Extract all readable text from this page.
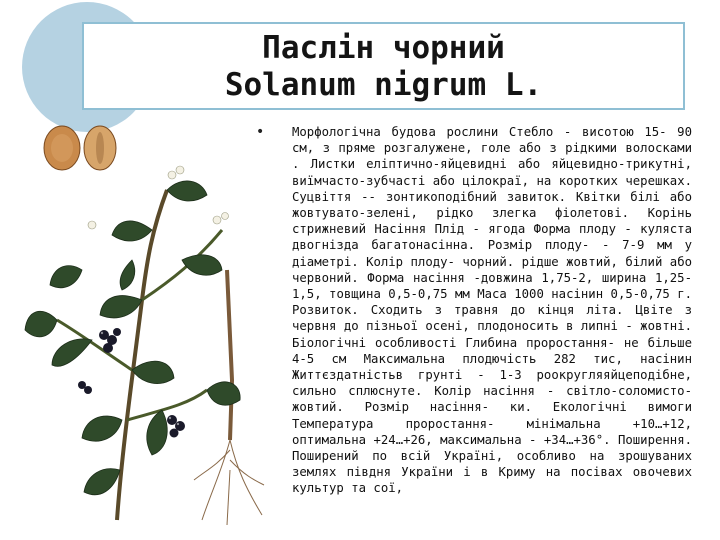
Паслін чорний
Solanum nigrum L.
• Морфологічна будова рослини Стебло - висотою 15- 90 см, з пряме розгалужене, голе або з рідкими волосками . Листки еліптично-яйцевидні або яйцевидно-трикутні, виїмчасто-зубчасті або цілокраї, на коротких черешках. Суцвіття -- зонтикоподібний завиток. Квітки білі або жовтувато-зелені, рідко злегка фіолетові. Корінь стрижневий Насіння Плід - ягода Форма плоду - куляста двогнізда багатонасінна. Розмір плоду- - 7-9 мм у діаметрі. Колір плоду- чорний. рідше жовтий, білий або червоний. Форма насіння -довжина 1,75-2, ширина 1,25-1,5, товщина 0,5-0,75 мм Маса 1000 насінин 0,5-0,75 г. Розвиток. Сходить з травня до кінця літа. Цвіте з червня до пізньої осені, плодоносить в липні - жовтні. Біологічні особливості Глибина проростання- не більше 4-5 см Максимальна плодючість 282 тис, насінин Життєздатністьв грунті - 1-3 роокругляяйцеподібне, сильно сплюснуте. Колір насіння - світло-соломисто-жовтий. Розмір насіння- ки. Екологічні вимоги Температура проростання- мінімальна +10…+12, оптимальна +24…+26, максимальна - +34…+36°. Поширення. Поширений по всій Україні, особливо на зрошуваних землях півдня України і в Криму на посівах овочевих культур та сої,
